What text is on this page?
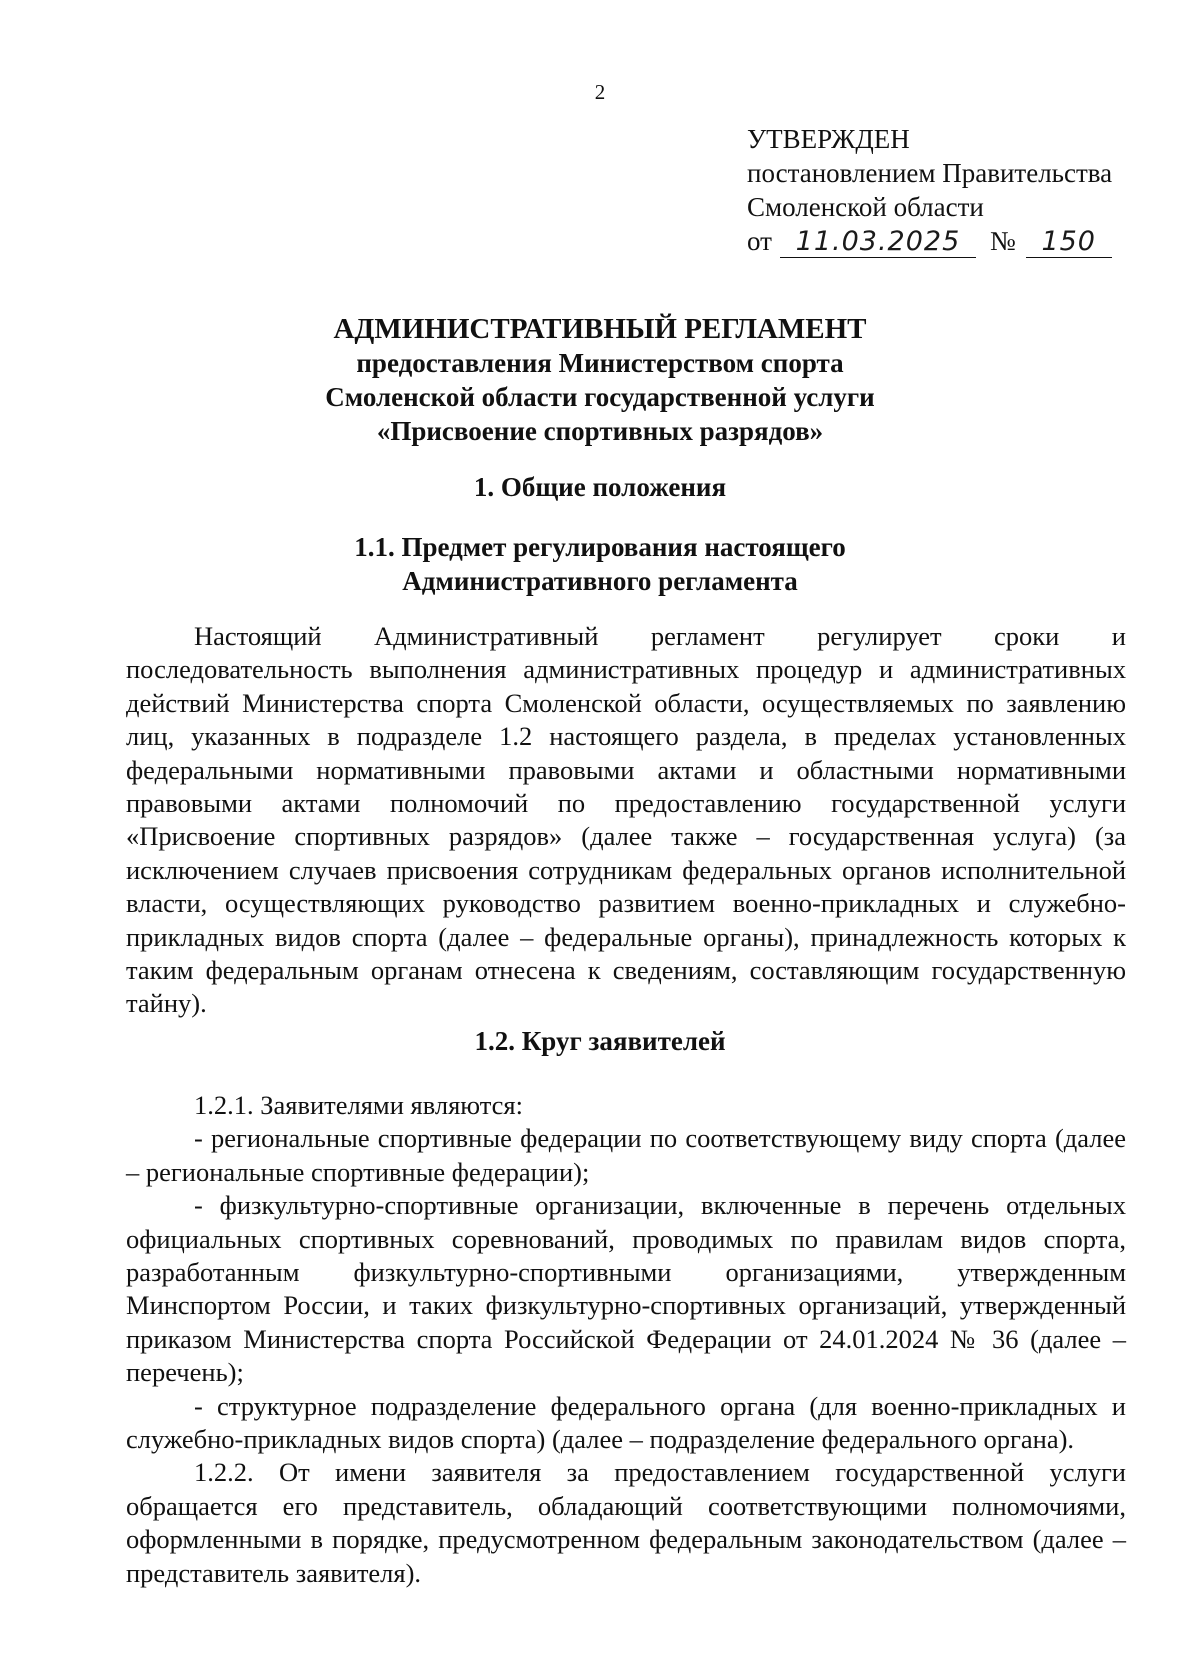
2
УТВЕРЖДЕН
постановлением Правительства
Смоленской области
от 11.03.2025	№ 150
АДМИНИСТРАТИВНЫЙ РЕГЛАМЕНТ
предоставления Министерством спорта
Смоленской области государственной услуги
«Присвоение спортивных разрядов»
1. Общие положения
1.1. Предмет регулирования настоящего
Административного регламента
Настоящий Административный регламент регулирует сроки и последовательность выполнения административных процедур и административных действий Министерства спорта Смоленской области, осуществляемых по заявлению лиц, указанных в подразделе 1.2 настоящего раздела, в пределах установленных федеральными нормативными правовыми актами и областными нормативными правовыми актами полномочий по предоставлению государственной услуги «Присвоение спортивных разрядов» (далее также – государственная услуга) (за исключением случаев присвоения сотрудникам федеральных органов исполнительной власти, осуществляющих руководство развитием военно-прикладных и служебно-прикладных видов спорта (далее – федеральные органы), принадлежность которых к таким федеральным органам отнесена к сведениям, составляющим государственную тайну).
1.2. Круг заявителей
1.2.1. Заявителями являются:
- региональные спортивные федерации по соответствующему виду спорта (далее – региональные спортивные федерации);
- физкультурно-спортивные организации, включенные в перечень отдельных официальных спортивных соревнований, проводимых по правилам видов спорта, разработанным физкультурно-спортивными организациями, утвержденным Минспортом России, и таких физкультурно-спортивных организаций, утвержденный приказом Министерства спорта Российской Федерации от 24.01.2024 № 36 (далее – перечень);
- структурное подразделение федерального органа (для военно-прикладных и служебно-прикладных видов спорта) (далее – подразделение федерального органа).
1.2.2. От имени заявителя за предоставлением государственной услуги обращается его представитель, обладающий соответствующими полномочиями, оформленными в порядке, предусмотренном федеральным законодательством (далее – представитель заявителя).
